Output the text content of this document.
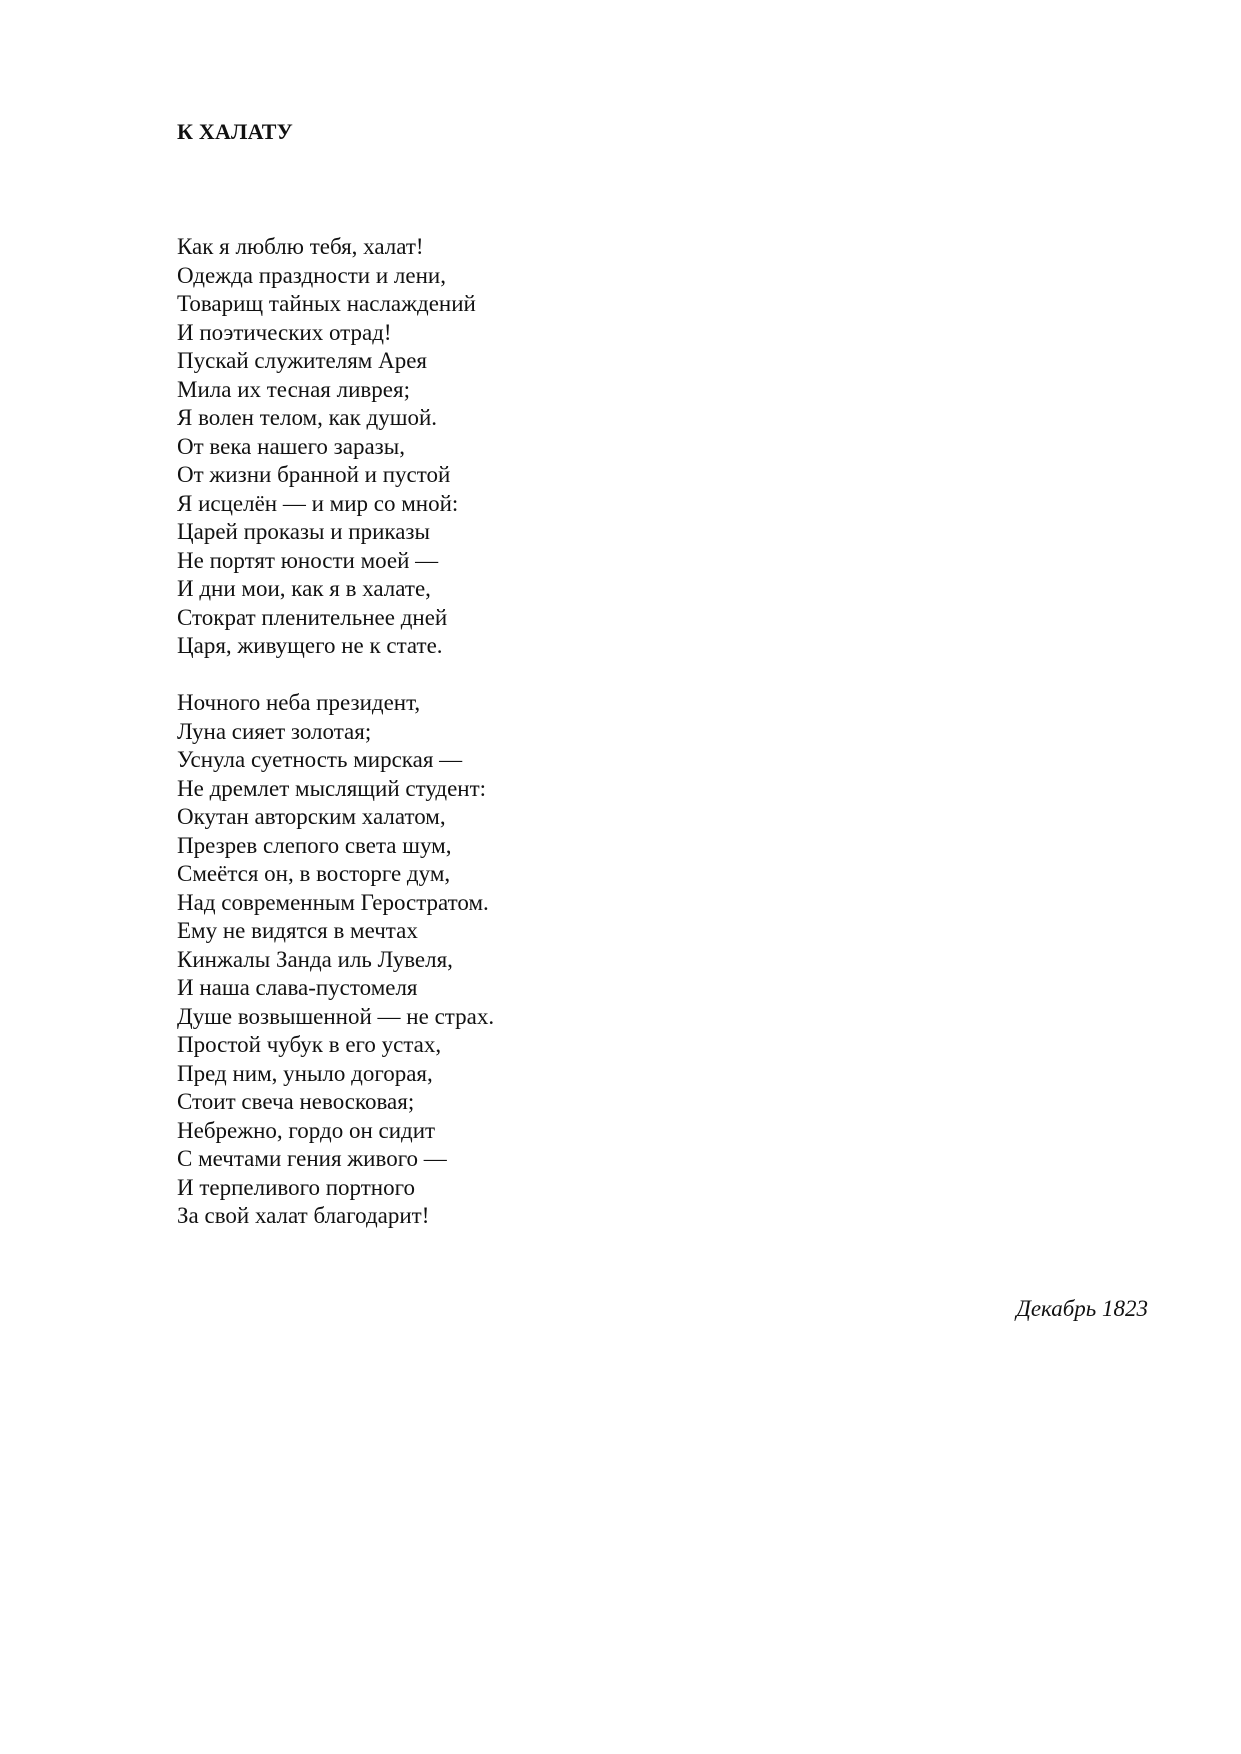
К ХАЛАТУ
Как я люблю тебя, халат!
Одежда праздности и лени,
Товарищ тайных наслаждений
И поэтических отрад!
Пускай служителям Арея
Мила их тесная ливрея;
Я волен телом, как душой.
От века нашего заразы,
От жизни бранной и пустой
Я исцелён — и мир со мной:
Царей проказы и приказы
Не портят юности моей —
И дни мои, как я в халате,
Стократ пленительнее дней
Царя, живущего не к стате.
Ночного неба президент,
Луна сияет золотая;
Уснула суетность мирская —
Не дремлет мыслящий студент:
Окутан авторским халатом,
Презрев слепого света шум,
Смеётся он, в восторге дум,
Над современным Геростратом.
Ему не видятся в мечтах
Кинжалы Занда иль Лувеля,
И наша слава-пустомеля
Душе возвышенной — не страх.
Простой чубук в его устах,
Пред ним, уныло догорая,
Стоит свеча невосковая;
Небрежно, гордо он сидит
С мечтами гения живого —
И терпеливого портного
За свой халат благодарит!
Декабрь 1823
